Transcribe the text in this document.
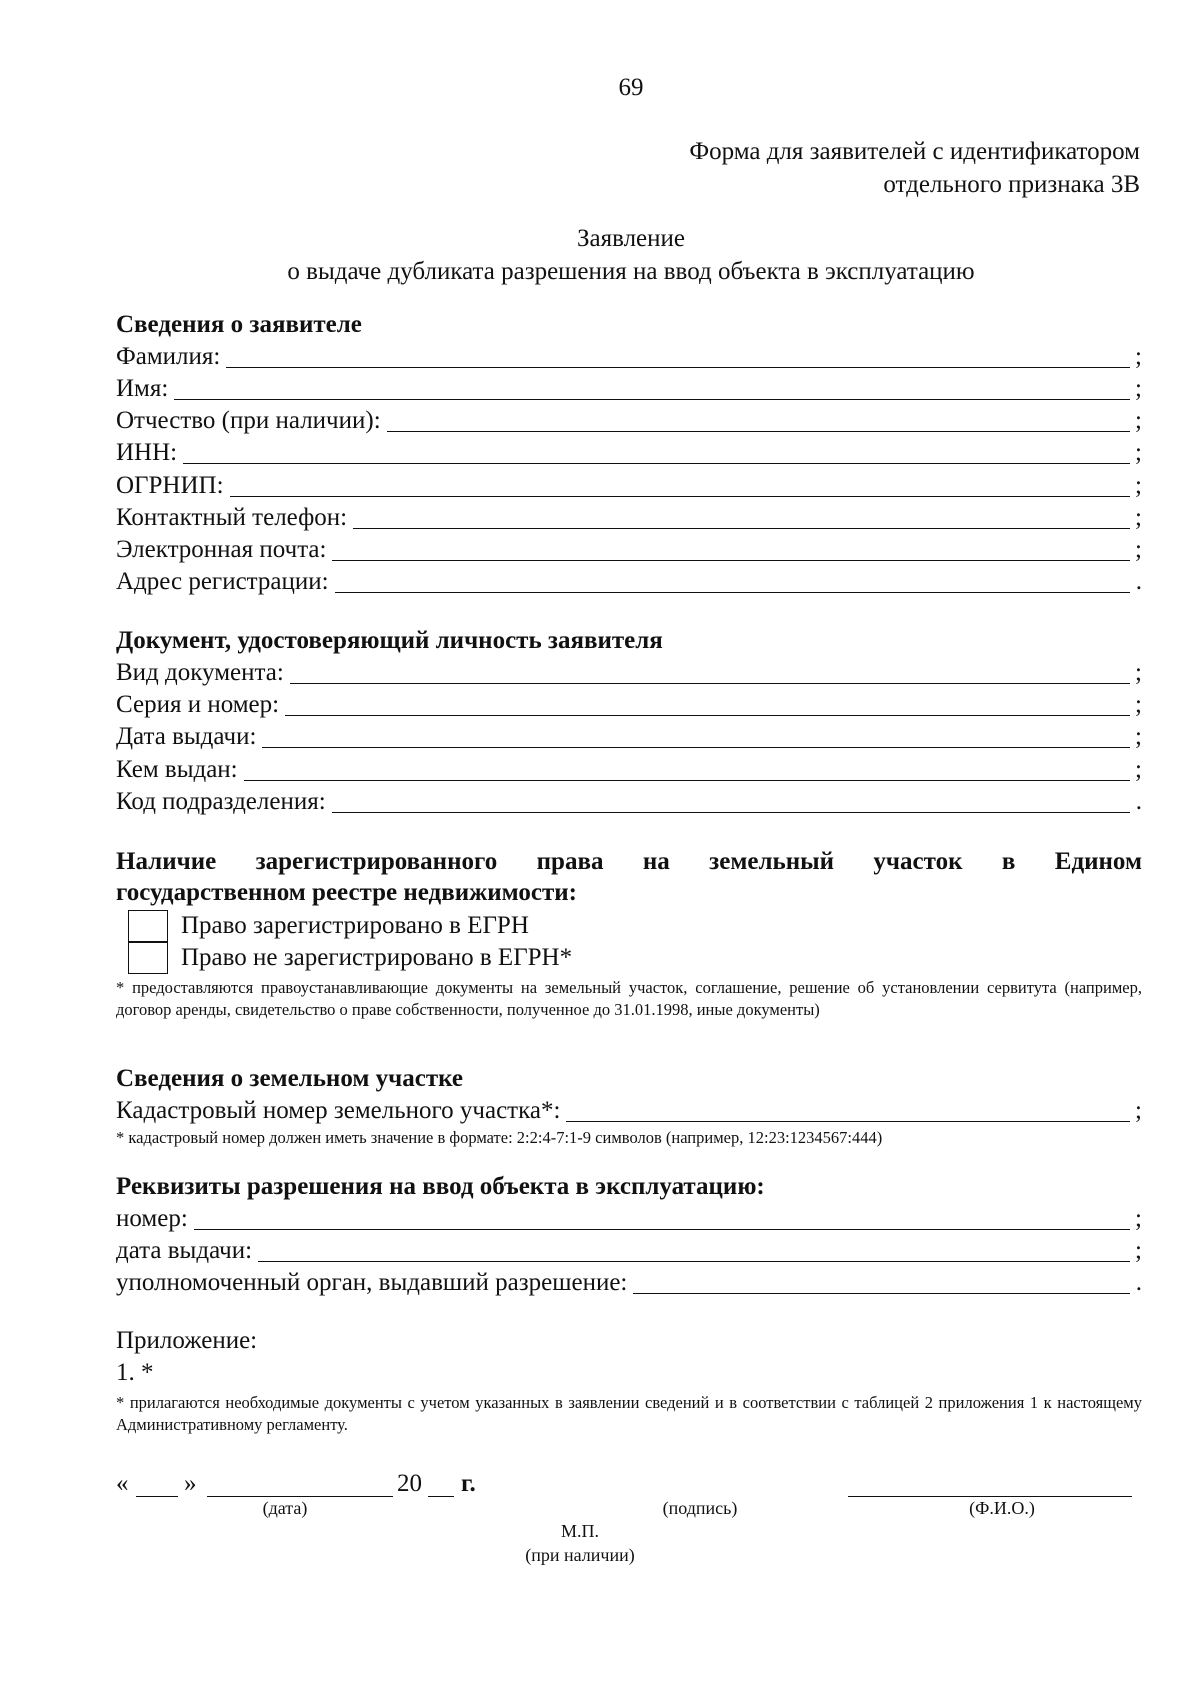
69
Форма для заявителей с идентификатором
отдельного признака 3В
Заявление
о выдаче дубликата разрешения на ввод объекта в эксплуатацию
Сведения о заявителе
Фамилия:	;
Имя:	;
Отчество (при наличии):	;
ИНН:	;
ОГРНИП:	;
Контактный телефон:	;
Электронная почта:	;
Адрес регистрации:	.
Документ, удостоверяющий личность заявителя
Вид документа:	;
Серия и номер:	;
Дата выдачи:	;
Кем выдан:	;
Код подразделения:	.
Наличие зарегистрированного права на земельный участок в Едином
государственном реестре недвижимости:
Право зарегистрировано в ЕГРН
Право не зарегистрировано в ЕГРН*
* предоставляются правоустанавливающие документы на земельный участок, соглашение, решение об установлении сервитута (например, договор аренды, свидетельство о праве собственности, полученное до 31.01.1998, иные документы)
Сведения о земельном участке
Кадастровый номер земельного участка*:	;
* кадастровый номер должен иметь значение в формате: 2:2:4-7:1-9 символов (например, 12:23:1234567:444)
Реквизиты разрешения на ввод объекта в эксплуатацию:
номер:	;
дата выдачи:	;
уполномоченный орган, выдавший разрешение:	.
Приложение:
1. *
* прилагаются необходимые документы с учетом указанных в заявлении сведений и в соответствии с таблицей 2 приложения 1 к настоящему Административному регламенту.
« »	20 г.
(дата)	(подпись)	(Ф.И.О.)
М.П.
(при наличии)
